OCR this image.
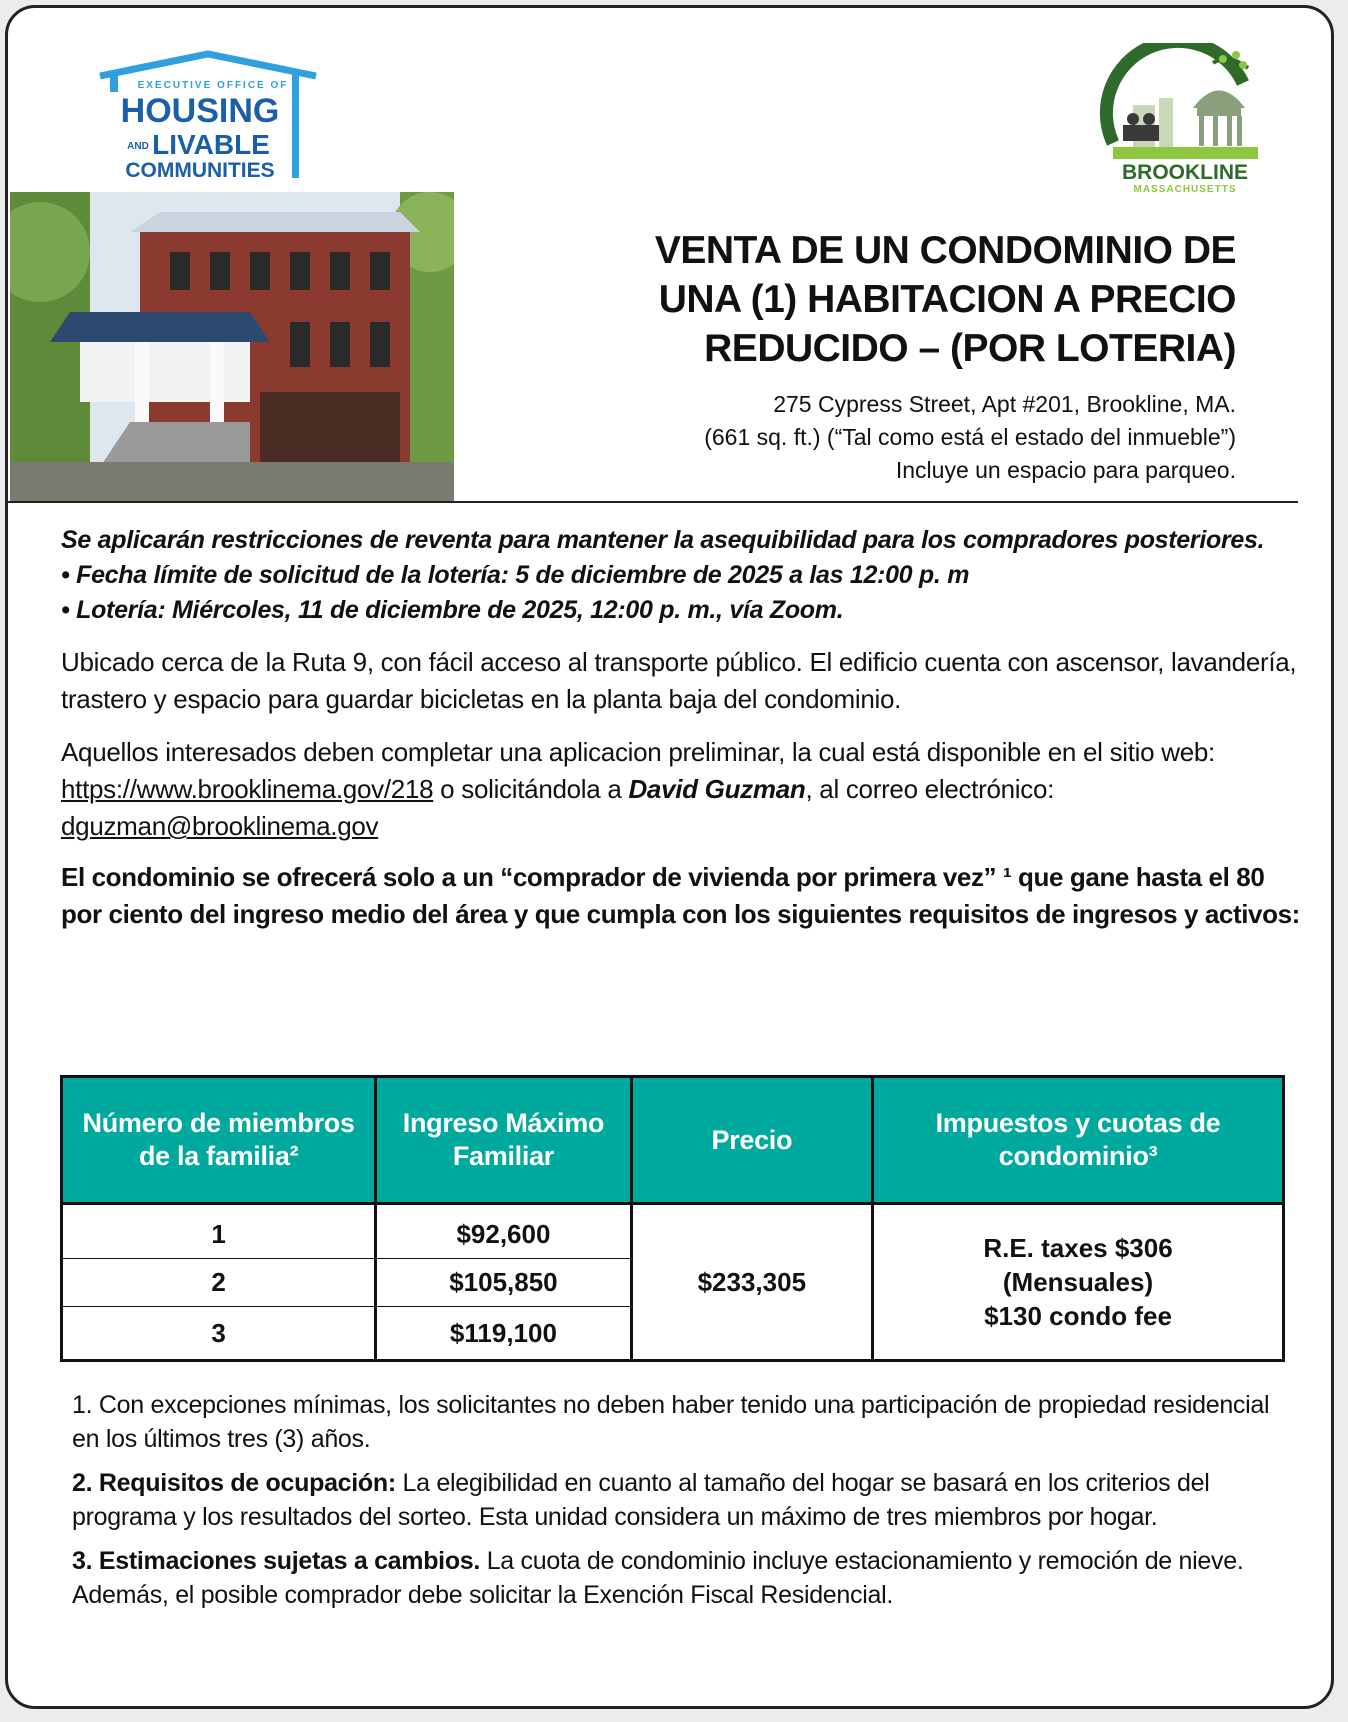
EXECUTIVE OFFICE OF
HOUSING
AND LIVABLE
COMMUNITIES	BROOKLINE
MASSACHUSETTS
VENTA DE UN CONDOMINIO DE
UNA (1) HABITACION A PRECIO
REDUCIDO – (POR LOTERIA)
275 Cypress Street, Apt #201, Brookline, MA.
(661 sq. ft.) (“Tal como está el estado del inmueble”)
Incluye un espacio para parqueo.
Se aplicarán restricciones de reventa para mantener la asequibilidad para los compradores posteriores.
• Fecha límite de solicitud de la lotería: 5 de diciembre de 2025 a las 12:00 p. m
• Lotería: Miércoles, 11 de diciembre de 2025, 12:00 p. m., vía Zoom.
Ubicado cerca de la Ruta 9, con fácil acceso al transporte público. El edificio cuenta con ascensor, lavandería, trastero y espacio para guardar bicicletas en la planta baja del condominio.
Aquellos interesados deben completar una aplicacion preliminar, la cual está disponible en el sitio web: https://www.brooklinema.gov/218 o solicitándola a David Guzman, al correo electrónico: dguzman@brooklinema.gov
El condominio se ofrecerá solo a un “comprador de vivienda por primera vez” ¹ que gane hasta el 80 por ciento del ingreso medio del área y que cumpla con los siguientes requisitos de ingresos y activos:
Número de miembros de la familia²	Ingreso Máximo Familiar	Precio	Impuestos y cuotas de condominio³
1	$92,600	$233,305	R.E. taxes $306
(Mensuales)
$130 condo fee

2	$105,850		
3	$119,100		

1. Con excepciones mínimas, los solicitantes no deben haber tenido una participación de propiedad residencial en los últimos tres (3) años.

2. Requisitos de ocupación: La elegibilidad en cuanto al tamaño del hogar se basará en los criterios del programa y los resultados del sorteo. Esta unidad considera un máximo de tres miembros por hogar.

3. Estimaciones sujetas a cambios. La cuota de condominio incluye estacionamiento y remoción de nieve. Además, el posible comprador debe solicitar la Exención Fiscal Residencial.
